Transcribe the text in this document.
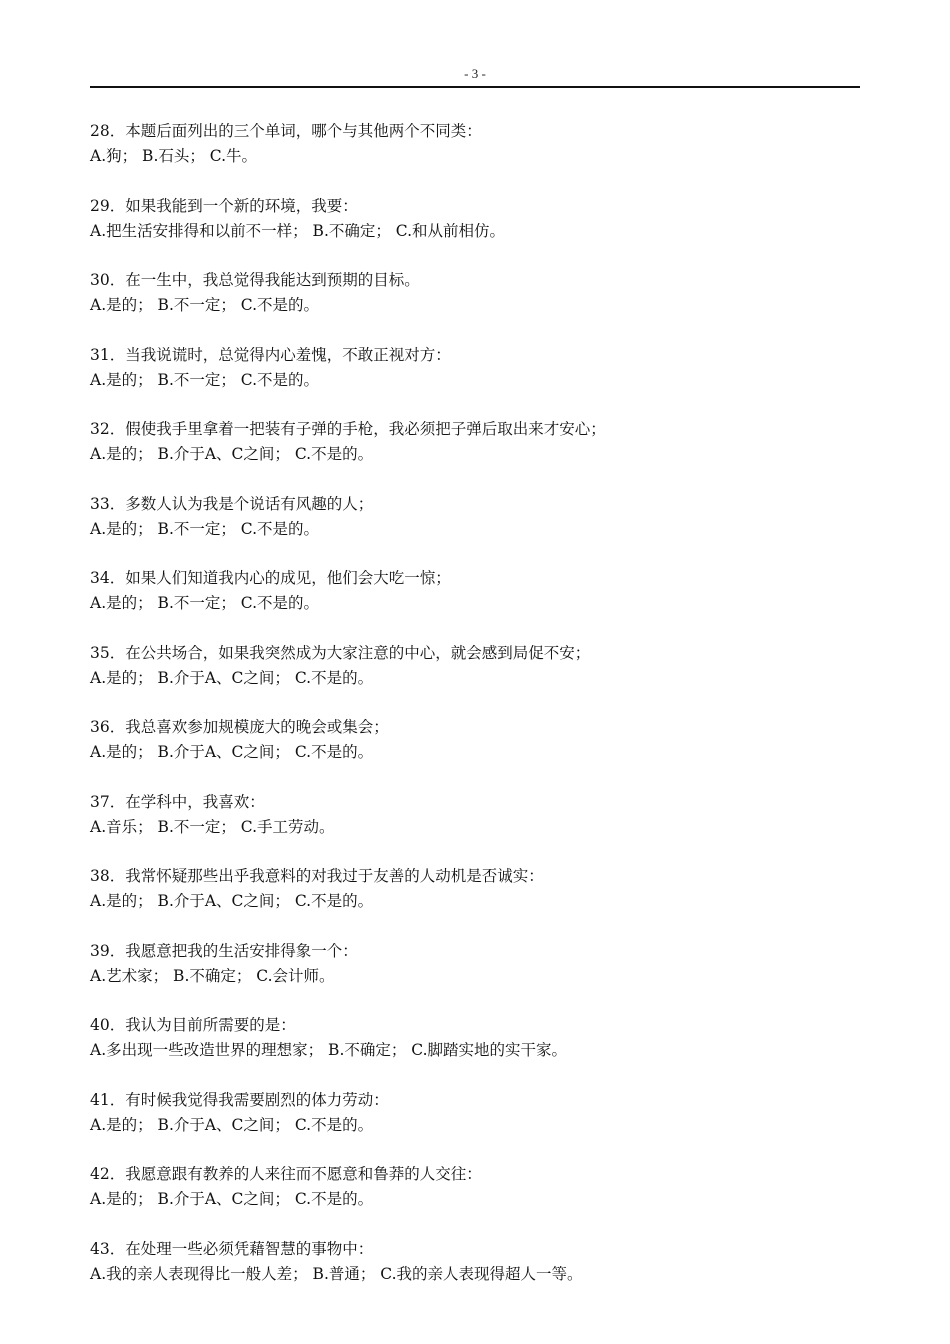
- 3 -
28．本题后面列出的三个单词，哪个与其他两个不同类：
A.狗； B.石头； C.牛。
29．如果我能到一个新的环境，我要：
A.把生活安排得和以前不一样； B.不确定； C.和从前相仿。
30．在一生中，我总觉得我能达到预期的目标。
A.是的； B.不一定； C.不是的。
31．当我说谎时，总觉得内心羞愧，不敢正视对方：
A.是的； B.不一定； C.不是的。
32．假使我手里拿着一把装有子弹的手枪，我必须把子弹后取出来才安心；
A.是的； B.介于A、C之间； C.不是的。
33．多数人认为我是个说话有风趣的人；
A.是的； B.不一定； C.不是的。
34．如果人们知道我内心的成见，他们会大吃一惊；
A.是的； B.不一定； C.不是的。
35．在公共场合，如果我突然成为大家注意的中心，就会感到局促不安；
A.是的； B.介于A、C之间； C.不是的。
36．我总喜欢参加规模庞大的晚会或集会；
A.是的； B.介于A、C之间； C.不是的。
37．在学科中，我喜欢：
A.音乐； B.不一定； C.手工劳动。
38．我常怀疑那些出乎我意料的对我过于友善的人动机是否诚实：
A.是的； B.介于A、C之间； C.不是的。
39．我愿意把我的生活安排得象一个：
A.艺术家； B.不确定； C.会计师。
40．我认为目前所需要的是：
A.多出现一些改造世界的理想家； B.不确定； C.脚踏实地的实干家。
41．有时候我觉得我需要剧烈的体力劳动：
A.是的； B.介于A、C之间； C.不是的。
42．我愿意跟有教养的人来往而不愿意和鲁莽的人交往：
A.是的； B.介于A、C之间； C.不是的。
43．在处理一些必须凭藉智慧的事物中：
A.我的亲人表现得比一般人差； B.普通； C.我的亲人表现得超人一等。
